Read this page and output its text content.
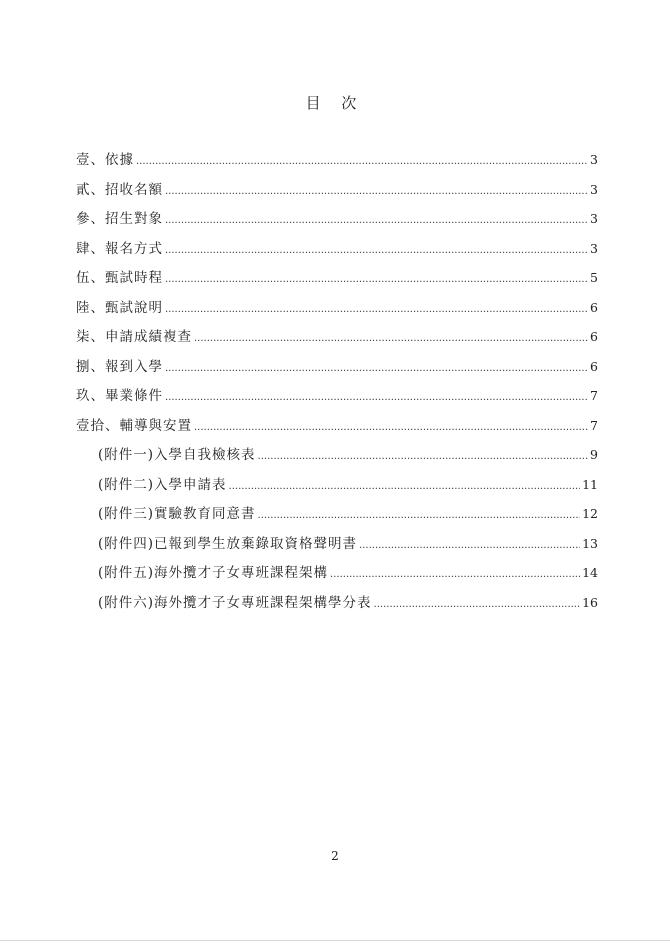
目 次
壹、依據 .....	3
貳、招收名額 .....	3
參、招生對象 .....	3
肆、報名方式 .....	3
伍、甄試時程 .....	5
陸、甄試說明 .....	6
柒、申請成績複查 .....	6
捌、報到入學 .....	6
玖、畢業條件 .....	7
壹拾、輔導與安置 .....	7
(附件一)入學自我檢核表 .....	9
(附件二)入學申請表 .....	11
(附件三)實驗教育同意書 .....	12
(附件四)已報到學生放棄錄取資格聲明書 .....	13
(附件五)海外攬才子女專班課程架構 .....	14
(附件六)海外攬才子女專班課程架構學分表 .....	16
2
